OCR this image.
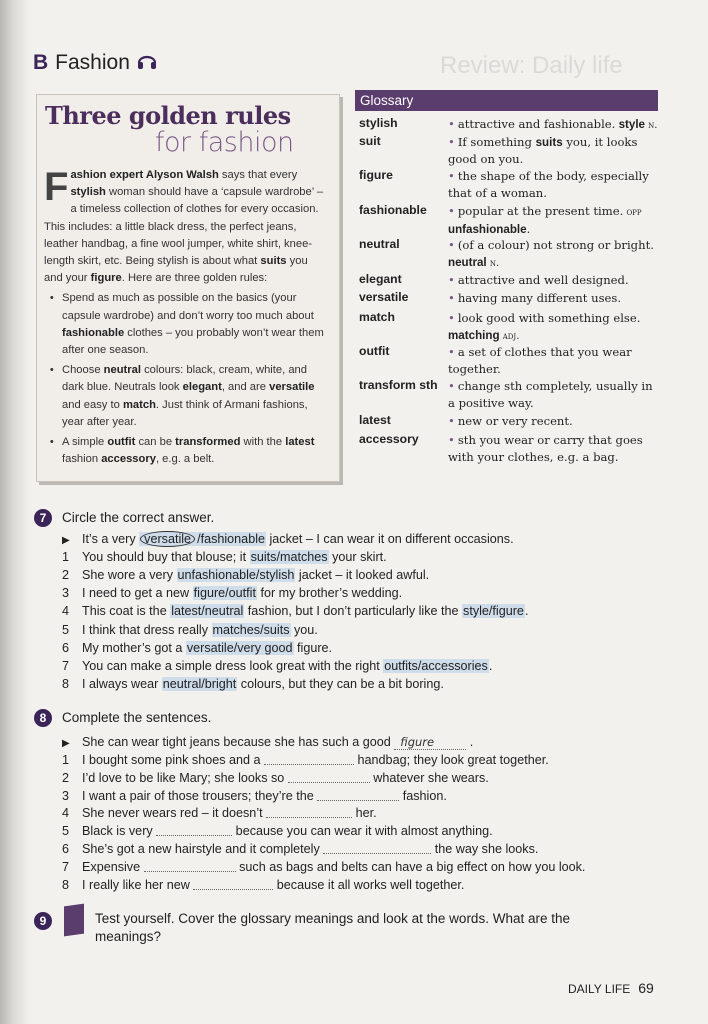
Review: Daily life
B Fashion
Three golden rules
for fashion

Fashion expert Alyson Walsh says that every stylish woman should have a ‘capsule wardrobe’ – a timeless collection of clothes for every occasion. This includes: a little black dress, the perfect jeans, leather handbag, a fine wool jumper, white shirt, knee-length skirt, etc. Being stylish is about what suits you and your figure. Here are three golden rules:

• Spend as much as possible on the basics (your capsule wardrobe) and don’t worry too much about fashionable clothes – you probably won’t wear them after one season.
• Choose neutral colours: black, cream, white, and dark blue. Neutrals look elegant, and are versatile and easy to match. Just think of Armani fashions, year after year.
• A simple outfit can be transformed with the latest fashion accessory, e.g. a belt.
Glossary
stylish	• attractive and fashionable. style n.
suit	• If something suits you, it looks good on you.
figure	• the shape of the body, especially that of a woman.
fashionable • popular at the present time. opp unfashionable.
neutral	• (of a colour) not strong or bright. neutral n.
elegant	• attractive and well designed.
versatile	• having many different uses.
match	• look good with something else. matching adj.
outfit	• a set of clothes that you wear together.
transform sth • change sth completely, usually in a positive way.
latest	• new or very recent.
accessory	• sth you wear or carry that goes with your clothes, e.g. a bag.
7	Circle the correct answer.
▶ It’s a very versatile /fashionable jacket – I can wear it on different occasions.
1 You should buy that blouse; it suits/matches your skirt.
2 She wore a very unfashionable/stylish jacket – it looked awful.
3 I need to get a new figure/outfit for my brother’s wedding.
4 This coat is the latest/neutral fashion, but I don’t particularly like the style/figure.
5 I think that dress really matches/suits you.
6 My mother’s got a versatile/very good figure.
7 You can make a simple dress look great with the right outfits/accessories.
8 I always wear neutral/bright colours, but they can be a bit boring.
8	Complete the sentences.
▶ She can wear tight jeans because she has such a good figure	.
1 I bought some pink shoes and a	handbag; they look great together.
2 I’d love to be like Mary; she looks so	whatever she wears.
3 I want a pair of those trousers; they’re the	fashion.
4 She never wears red – it doesn’t	her.
5 Black is very	because you can wear it with almost anything.
6 She’s got a new hairstyle and it completely	the way she looks.
7 Expensive	such as bags and belts can have a big effect on how you look.
8 I really like her new	because it all works well together.
9	Test yourself. Cover the glossary meanings and look at the words. What are the meanings?
DAILY LIFE 69
